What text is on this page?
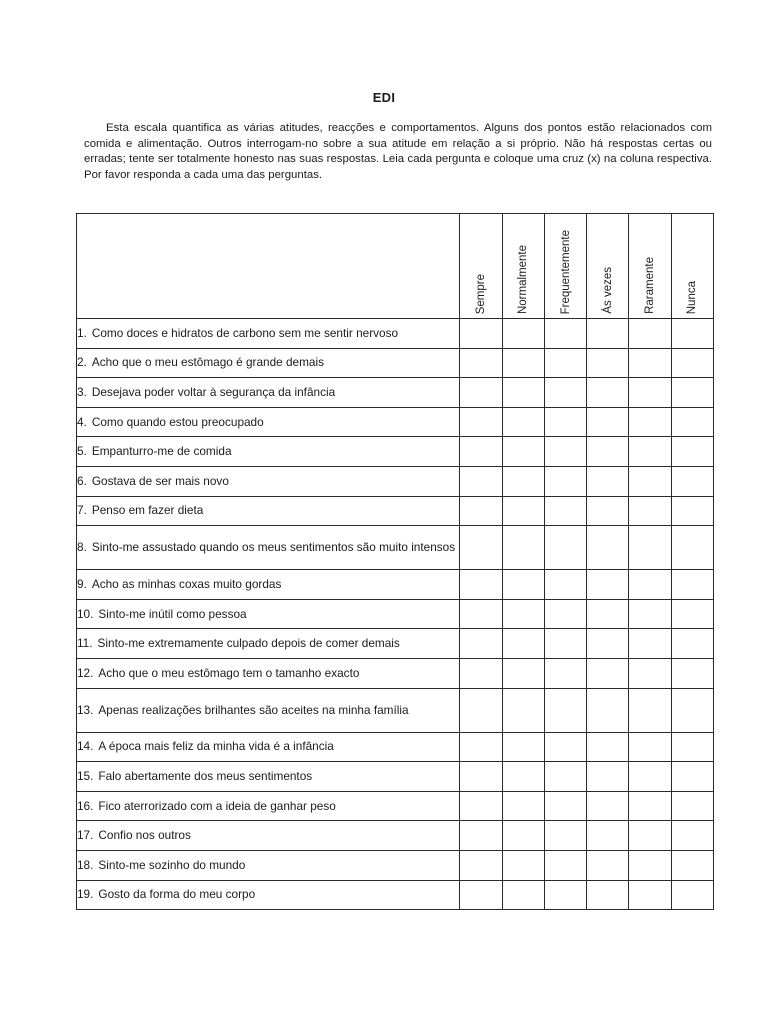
EDI

Esta escala quantifica as várias atitudes, reacções e comportamentos. Alguns dos pontos estão relacionados com comida e alimentação. Outros interrogam-no sobre a sua atitude em relação a si próprio. Não há respostas certas ou erradas; tente ser totalmente honesto nas suas respostas. Leia cada pergunta e coloque uma cruz (x) na coluna respectiva. Por favor responda a cada uma das perguntas.

	Sempre	Normalmente	Frequentemente	Às vezes	Raramente	Nunca

1. Como doces e hidratos de carbono sem me sentir nervoso						

2. Acho que o meu estômago é grande demais						

3. Desejava poder voltar à segurança da infância						

4. Como quando estou preocupado						

5. Empanturro-me de comida						

6. Gostava de ser mais novo						

7. Penso em fazer dieta						

8. Sinto-me assustado quando os meus sentimentos são muito intensos						

9. Acho as minhas coxas muito gordas						

10. Sinto-me inútil como pessoa						

11. Sinto-me extremamente culpado depois de comer demais						

12. Acho que o meu estômago tem o tamanho exacto						

13. Apenas realizações brilhantes são aceites na minha família						

14. A época mais feliz da minha vida é a infância						

15. Falo abertamente dos meus sentimentos						

16. Fico aterrorizado com a ideia de ganhar peso						

17. Confio nos outros						

18. Sinto-me sozinho do mundo						

19. Gosto da forma do meu corpo						
